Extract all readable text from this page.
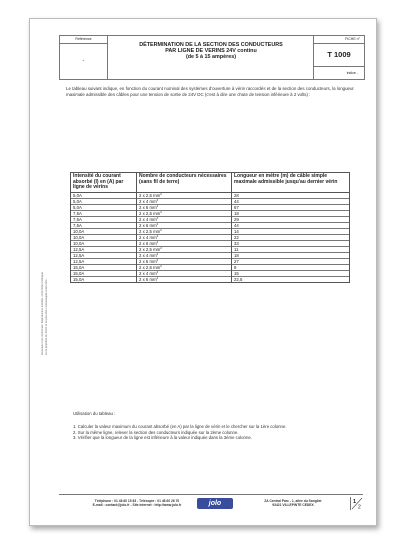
Document non contractuel. Reproduction interdite. Cette fiche technique est la propriété de JOLO et ne peut être communiquée à des tiers.
Référence
-
DÉTERMINATION DE LA SECTION DES CONDUCTEURS
PAR LIGNE DE VERINS 24V continu
(de 5 à 15 ampères)
FICHE n°
T 1009
indice -
Le tableau suivant indique, en fonction du courant nominal des systèmes d'ouverture à vérin raccordés et de la section des conducteurs, la longueur maximale admissible des câbles pour une tension de sortie de 24V DC (c'est à dire une chute de tension inférieure à 2 volts) :
Intensité du courant absorbé (I) en (A) par ligne de vérins	Nombre de conducteurs nécessaires (sans fil de terre)	Longueur en mètre (m) de câble simple maximale admissible jusqu'au dernier vérin
5,0A	2 x 2,5 $mm^2$	28
5,0A	2 x 4 $mm^2$	44
5,0A	2 x 6 $mm^2$	67
7,5A	2 x 2,5 $mm^2$	18
7,5A	2 x 4 $mm^2$	29
7,5A	2 x 6 $mm^2$	44
10,0A	2 x 2,5 $mm^2$	14
10,0A	2 x 4 $mm^2$	22
10,0A	2 x 6 $mm^2$	33
12,5A	2 x 2,5 $mm^2$	11
12,5A	2 x 4 $mm^2$	18
12,5A	2 x 6 $mm^2$	27
15,0A	2 x 2,5 $mm^2$	9
15,0A	2 x 4 $mm^2$	15
15,0A	2 x 6 $mm^2$	22,5
Utilisation du tableau :
1. Calculer la valeur maximum du courant absorbé (en A) par la ligne de vérin et le chercher sur la 1ère colonne.
2. Sur la même ligne, relever la section des conducteurs indiquée sur la 2ème colonne.
3. Vérifier que la longueur de la ligne est inférieure à la valeur indiquée dans la 3ème colonne.
Téléphone : 01 48 60 15 83 - Télécopie : 01 48 60 26 70
E-mail : contact@jolo.fr - Site internet : http://www.jolo.fr	jolo	ZA Central Parc - 1, allée du Sanglier
93421 VILLEPINTE CEDEX
1
2
